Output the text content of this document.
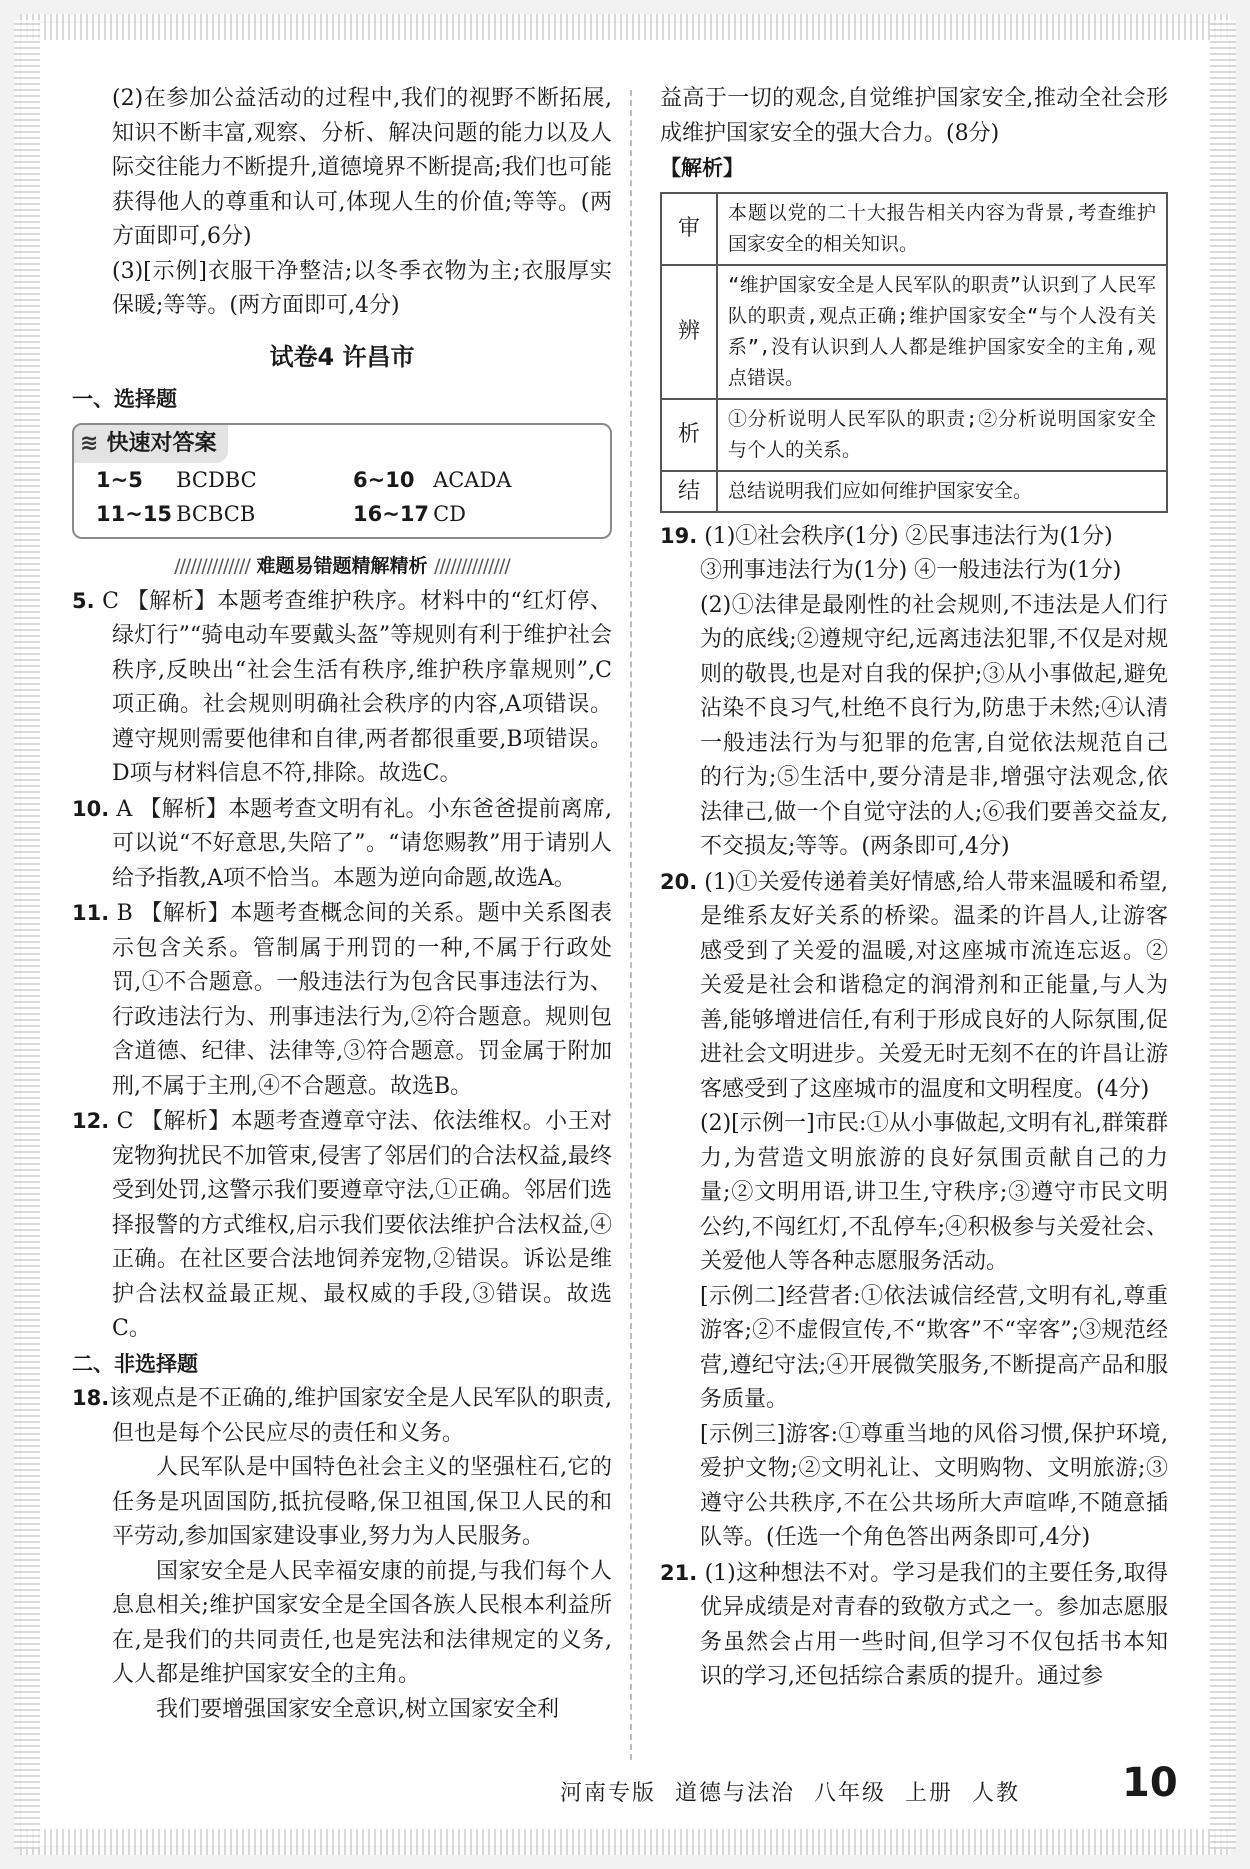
(2)在参加公益活动的过程中,我们的视野不断拓展,知识不断丰富,观察、分析、解决问题的能力以及人际交往能力不断提升,道德境界不断提高;我们也可能获得他人的尊重和认可,体现人生的价值;等等。(两方面即可,6分)

(3)[示例]衣服干净整洁;以冬季衣物为主;衣服厚实保暖;等等。(两方面即可,4分)

试卷4 许昌市
一、选择题
≋ 快速对答案
1~5	BCDBC	6~10 ACADA
11~15 BCBCB	16~17 CD
////////////// 难题易错题精解精析 //////////////

5. C 【解析】本题考查维护秩序。材料中的“红灯停、绿灯行”“骑电动车要戴头盔”等规则有利于维护社会秩序,反映出“社会生活有秩序,维护秩序靠规则”,C项正确。社会规则明确社会秩序的内容,A项错误。遵守规则需要他律和自律,两者都很重要,B项错误。D项与材料信息不符,排除。故选C。

10. A 【解析】本题考查文明有礼。小东爸爸提前离席,可以说“不好意思,失陪了”。“请您赐教”用于请别人给予指教,A项不恰当。本题为逆向命题,故选A。

11. B 【解析】本题考查概念间的关系。题中关系图表示包含关系。管制属于刑罚的一种,不属于行政处罚,①不合题意。一般违法行为包含民事违法行为、行政违法行为、刑事违法行为,②符合题意。规则包含道德、纪律、法律等,③符合题意。罚金属于附加刑,不属于主刑,④不合题意。故选B。

12. C 【解析】本题考查遵章守法、依法维权。小王对宠物狗扰民不加管束,侵害了邻居们的合法权益,最终受到处罚,这警示我们要遵章守法,①正确。邻居们选择报警的方式维权,启示我们要依法维护合法权益,④正确。在社区要合法地饲养宠物,②错误。诉讼是维护合法权益最正规、最权威的手段,③错误。故选C。

二、非选择题

18.该观点是不正确的,维护国家安全是人民军队的职责,但也是每个公民应尽的责任和义务。

人民军队是中国特色社会主义的坚强柱石,它的任务是巩固国防,抵抗侵略,保卫祖国,保卫人民的和平劳动,参加国家建设事业,努力为人民服务。

国家安全是人民幸福安康的前提,与我们每个人息息相关;维护国家安全是全国各族人民根本利益所在,是我们的共同责任,也是宪法和法律规定的义务,人人都是维护国家安全的主角。

我们要增强国家安全意识,树立国家安全利

益高于一切的观念,自觉维护国家安全,推动全社会形成维护国家安全的强大合力。(8分)

【解析】
审	本题以党的二十大报告相关内容为背景,考查维护国家安全的相关知识。
辨	“维护国家安全是人民军队的职责”认识到了人民军队的职责,观点正确;维护国家安全“与个人没有关系”,没有认识到人人都是维护国家安全的主角,观点错误。
析	①分析说明人民军队的职责;②分析说明国家安全与个人的关系。
结	总结说明我们应如何维护国家安全。

19. (1)①社会秩序(1分) ②民事违法行为(1分)

③刑事违法行为(1分) ④一般违法行为(1分)

(2)①法律是最刚性的社会规则,不违法是人们行为的底线;②遵规守纪,远离违法犯罪,不仅是对规则的敬畏,也是对自我的保护;③从小事做起,避免沾染不良习气,杜绝不良行为,防患于未然;④认清一般违法行为与犯罪的危害,自觉依法规范自己的行为;⑤生活中,要分清是非,增强守法观念,依法律己,做一个自觉守法的人;⑥我们要善交益友,不交损友;等等。(两条即可,4分)

20. (1)①关爱传递着美好情感,给人带来温暖和希望,是维系友好关系的桥梁。温柔的许昌人,让游客感受到了关爱的温暖,对这座城市流连忘返。②关爱是社会和谐稳定的润滑剂和正能量,与人为善,能够增进信任,有利于形成良好的人际氛围,促进社会文明进步。关爱无时无刻不在的许昌让游客感受到了这座城市的温度和文明程度。(4分)

(2)[示例一]市民:①从小事做起,文明有礼,群策群力,为营造文明旅游的良好氛围贡献自己的力量;②文明用语,讲卫生,守秩序;③遵守市民文明公约,不闯红灯,不乱停车;④积极参与关爱社会、关爱他人等各种志愿服务活动。

[示例二]经营者:①依法诚信经营,文明有礼,尊重游客;②不虚假宣传,不“欺客”不“宰客”;③规范经营,遵纪守法;④开展微笑服务,不断提高产品和服务质量。

[示例三]游客:①尊重当地的风俗习惯,保护环境,爱护文物;②文明礼让、文明购物、文明旅游;③遵守公共秩序,不在公共场所大声喧哗,不随意插队等。(任选一个角色答出两条即可,4分)

21. (1)这种想法不对。学习是我们的主要任务,取得优异成绩是对青春的致敬方式之一。参加志愿服务虽然会占用一些时间,但学习不仅包括书本知识的学习,还包括综合素质的提升。通过参

河南专版 道德与法治 八年级 上册 人教	10
